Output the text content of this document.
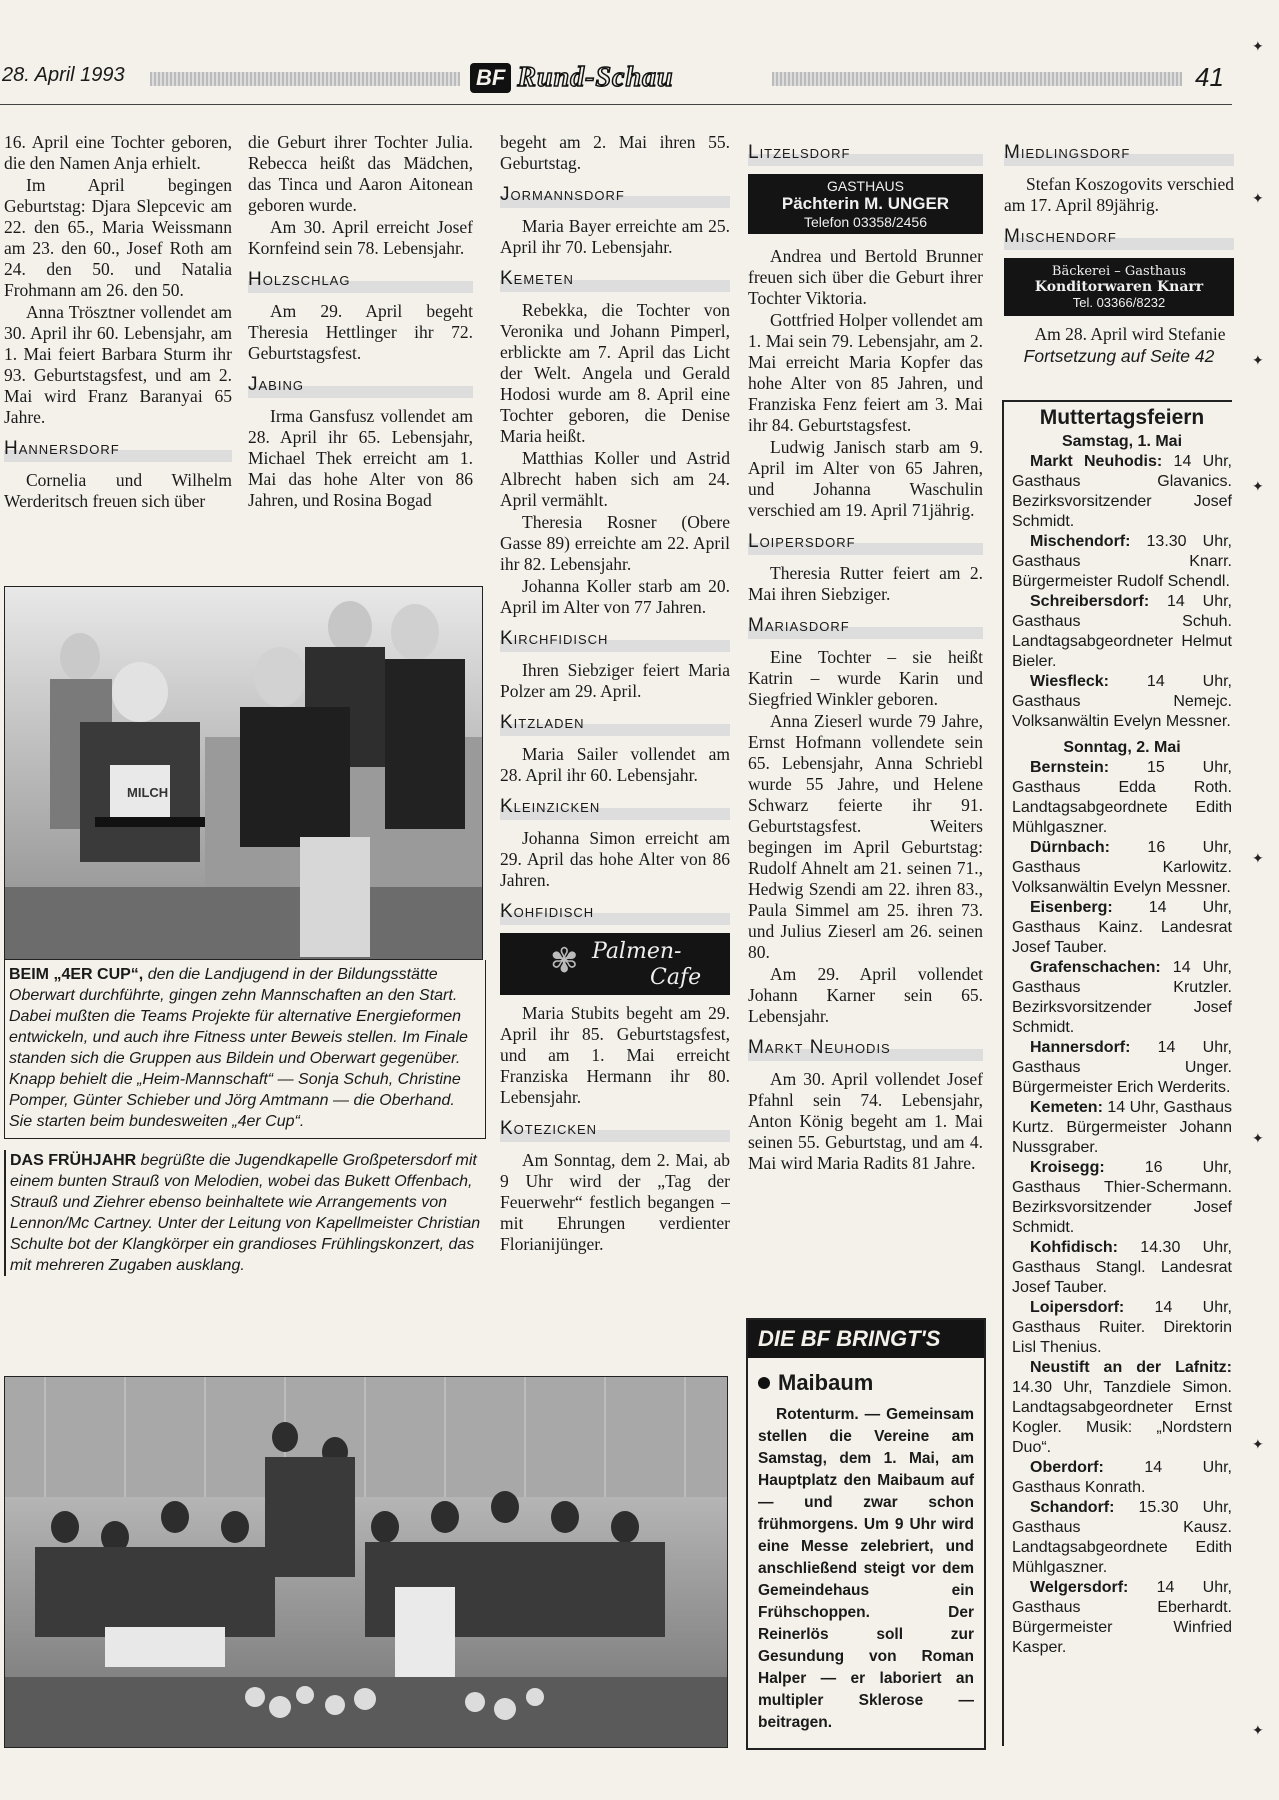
28. April 1993	BF Rund-Schau	41

16. April eine Tochter geboren, die den Namen Anja erhielt.

Im April begingen Geburtstag: Djara Slepcevic am 22. den 65., Maria Weissmann am 23. den 60., Josef Roth am 24. den 50. und Natalia Frohmann am 26. den 50.

Anna Trösztner vollendet am 30. April ihr 60. Lebensjahr, am 1. Mai feiert Barbara Sturm ihr 93. Geburtstagsfest, und am 2. Mai wird Franz Baranyai 65 Jahre.

Hannersdorf

Cornelia und Wilhelm Werderitsch freuen sich über

die Geburt ihrer Tochter Julia. Rebecca heißt das Mädchen, das Tinca und Aaron Aitonean geboren wurde.

Am 30. April erreicht Josef Kornfeind sein 78. Lebensjahr.

Holzschlag

Am 29. April begeht Theresia Hettlinger ihr 72. Geburtstagsfest.

Jabing

Irma Gansfusz vollendet am 28. April ihr 65. Lebensjahr, Michael Thek erreicht am 1. Mai das hohe Alter von 86 Jahren, und Rosina Bogad

MILCH
BEIM „4ER CUP“, den die Landjugend in der Bildungsstätte Oberwart durchführte, gingen zehn Mannschaften an den Start. Dabei mußten die Teams Projekte für alternative Energieformen entwickeln, und auch ihre Fitness unter Beweis stellen. Im Finale standen sich die Gruppen aus Bildein und Oberwart gegenüber. Knapp behielt die „Heim-Mannschaft“ — Sonja Schuh, Christine Pomper, Günter Schieber und Jörg Amtmann — die Oberhand. Sie starten beim bundesweiten „4er Cup“.
DAS FRÜHJAHR begrüßte die Jugendkapelle Großpetersdorf mit einem bunten Strauß von Melodien, wobei das Bukett Offenbach, Strauß und Ziehrer ebenso beinhaltete wie Arrangements von Lennon/Mc Cartney. Unter der Leitung von Kapellmeister Christian Schulte bot der Klangkörper ein grandioses Frühlingskonzert, das mit mehreren Zugaben ausklang.

begeht am 2. Mai ihren 55. Geburtstag.

Jormannsdorf

Maria Bayer erreichte am 25. April ihr 70. Lebensjahr.

Kemeten

Rebekka, die Tochter von Veronika und Johann Pimperl, erblickte am 7. April das Licht der Welt. Angela und Gerald Hodosi wurde am 8. April eine Tochter geboren, die Denise Maria heißt.

Matthias Koller und Astrid Albrecht haben sich am 24. April vermählt.

Theresia Rosner (Obere Gasse 89) erreichte am 22. April ihr 82. Lebensjahr.

Johanna Koller starb am 20. April im Alter von 77 Jahren.

Kirchfidisch

Ihren Siebziger feiert Maria Polzer am 29. April.

Kitzladen

Maria Sailer vollendet am 28. April ihr 60. Lebensjahr.

Kleinzicken

Johanna Simon erreicht am 29. April das hohe Alter von 86 Jahren.

Kohfidisch
✾ Palmen-
Cafe

Maria Stubits begeht am 29. April ihr 85. Geburtstagsfest, und am 1. Mai erreicht Franziska Hermann ihr 80. Lebensjahr.

Kotezicken

Am Sonntag, dem 2. Mai, ab 9 Uhr wird der „Tag der Feuerwehr“ festlich begangen – mit Ehrungen verdienter Florianijünger.

Litzelsdorf
GASTHAUS
Pächterin M. UNGER
Telefon 03358/2456

Andrea und Bertold Brunner freuen sich über die Geburt ihrer Tochter Viktoria.

Gottfried Holper vollendet am 1. Mai sein 79. Lebensjahr, am 2. Mai erreicht Maria Kopfer das hohe Alter von 85 Jahren, und Franziska Fenz feiert am 3. Mai ihr 84. Geburtstagsfest.

Ludwig Janisch starb am 9. April im Alter von 65 Jahren, und Johanna Waschulin verschied am 19. April 71jährig.

Loipersdorf

Theresia Rutter feiert am 2. Mai ihren Siebziger.

Mariasdorf

Eine Tochter – sie heißt Katrin – wurde Karin und Siegfried Winkler geboren.

Anna Zieserl wurde 79 Jahre, Ernst Hofmann vollendete sein 65. Lebensjahr, Anna Schriebl wurde 55 Jahre, und Helene Schwarz feierte ihr 91. Geburtstagsfest. Weiters begingen im April Geburtstag: Rudolf Ahnelt am 21. seinen 71., Hedwig Szendi am 22. ihren 83., Paula Simmel am 25. ihren 73. und Julius Zieserl am 26. seinen 80.

Am 29. April vollendet Johann Karner sein 65. Lebensjahr.

Markt Neuhodis

Am 30. April vollendet Josef Pfahnl sein 74. Lebensjahr, Anton König begeht am 1. Mai seinen 55. Geburtstag, und am 4. Mai wird Maria Radits 81 Jahre.

DIE BF BRINGT'S
Maibaum

Rotenturm. — Gemeinsam stellen die Vereine am Samstag, dem 1. Mai, am Hauptplatz den Maibaum auf — und zwar schon frühmorgens. Um 9 Uhr wird eine Messe zelebriert, und anschließend steigt vor dem Gemeindehaus ein Frühschoppen. Der Reinerlös soll zur Gesundung von Roman Halper — er laboriert an multipler Sklerose — beitragen.

Miedlingsdorf

Stefan Koszogovits verschied am 17. April 89jährig.

Mischendorf
Bäckerei – Gasthaus
Konditorwaren Knarr
Tel. 03366/8232

Am 28. April wird Stefanie

Fortsetzung auf Seite 42

Muttertagsfeiern

Samstag, 1. Mai

Markt Neuhodis: 14 Uhr, Gasthaus Glavanics. Bezirksvorsitzender Josef Schmidt.

Mischendorf: 13.30 Uhr, Gasthaus Knarr. Bürgermeister Rudolf Schendl.

Schreibersdorf: 14 Uhr, Gasthaus Schuh. Landtagsabgeordneter Helmut Bieler.

Wiesfleck: 14 Uhr, Gasthaus Nemejc. Volksanwältin Evelyn Messner.

Sonntag, 2. Mai

Bernstein: 15 Uhr, Gasthaus Edda Roth. Landtagsabgeordnete Edith Mühlgaszner.

Dürnbach: 16 Uhr, Gasthaus Karlowitz. Volksanwältin Evelyn Messner.

Eisenberg: 14 Uhr, Gasthaus Kainz. Landesrat Josef Tauber.

Grafenschachen: 14 Uhr, Gasthaus Krutzler. Bezirksvorsitzender Josef Schmidt.

Hannersdorf: 14 Uhr, Gasthaus Unger. Bürgermeister Erich Werderits.

Kemeten: 14 Uhr, Gasthaus Kurtz. Bürgermeister Johann Nussgraber.

Kroisegg: 16 Uhr, Gasthaus Thier-Schermann. Bezirksvorsitzender Josef Schmidt.

Kohfidisch: 14.30 Uhr, Gasthaus Stangl. Landesrat Josef Tauber.

Loipersdorf: 14 Uhr, Gasthaus Ruiter. Direktorin Lisl Thenius.

Neustift an der Lafnitz: 14.30 Uhr, Tanzdiele Simon. Landtagsabgeordneter Ernst Kogler. Musik: „Nordstern Duo“.

Oberdorf: 14 Uhr, Gasthaus Konrath.

Schandorf: 15.30 Uhr, Gasthaus Kausz. Landtagsabgeordnete Edith Mühlgaszner.

Welgersdorf: 14 Uhr, Gasthaus Eberhardt. Bürgermeister Winfried Kasper.

✦
✦
✦
✦
✦
✦
✦
✦
